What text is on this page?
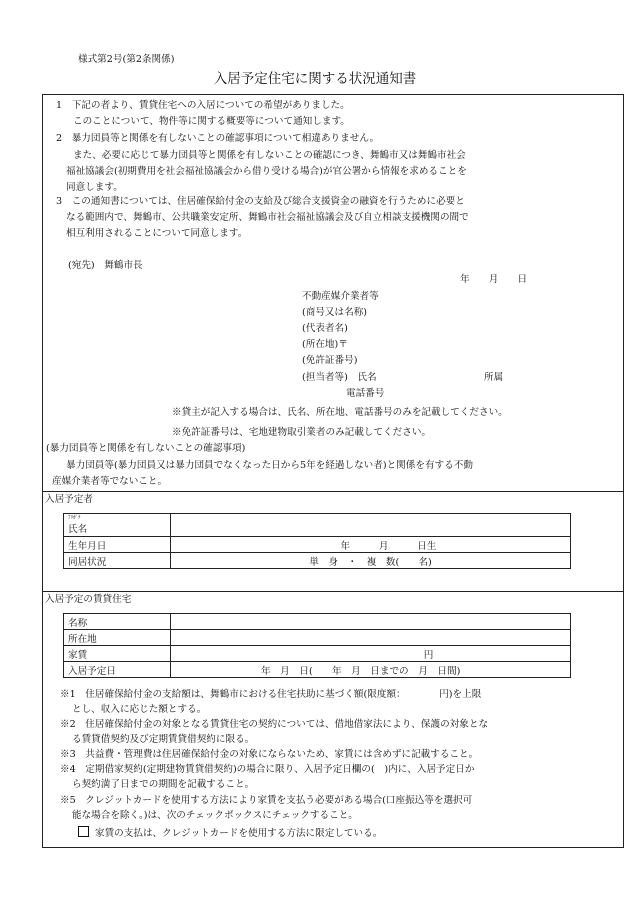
様式第2号(第2条関係)
入居予定住宅に関する状況通知書
1　下記の者より、賃貸住宅への入居についての希望がありました。
このことについて、物件等に関する概要等について通知します。
2　暴力団員等と関係を有しないことの確認事項について相違ありません。
また、必要に応じて暴力団員等と関係を有しないことの確認につき、舞鶴市又は舞鶴市社会
福祉協議会(初期費用を社会福祉協議会から借り受ける場合)が官公署から情報を求めることを
同意します。
3　この通知書については、住居確保給付金の支給及び総合支援資金の融資を行うために必要と
なる範囲内で、舞鶴市、公共職業安定所、舞鶴市社会福祉協議会及び自立相談支援機関の間で
相互利用されることについて同意します。
(宛先)　舞鶴市長
年　　月　　日
不動産媒介業者等
(商号又は名称)
(代表者名)
(所在地)〒
(免許証番号)
(担当者等)　氏名	所属
電話番号
※貸主が記入する場合は、氏名、所在地、電話番号のみを記載してください。
※免許証番号は、宅地建物取引業者のみ記載してください。
(暴力団員等と関係を有しないことの確認事項)
暴力団員等(暴力団員又は暴力団員でなくなった日から5年を経過しない者)と関係を有する不動
産媒介業者等でないこと。
入居予定者
ﾌﾘｶﾞﾅ
氏名	
生年月日	年　　　月　　　日生
同居状況	単　身　・　複　数(　　名)
入居予定の賃貸住宅
名称	
所在地	
家賃	円
入居予定日	年　月　日(　　年　月　日までの　月　日間)
※1　住居確保給付金の支給額は、舞鶴市における住宅扶助に基づく額(限度額：　　　　円)を上限
とし、収入に応じた額とする。
※2　住居確保給付金の対象となる賃貸住宅の契約については、借地借家法により、保護の対象とな
る賃貸借契約及び定期賃貸借契約に限る。
※3　共益費・管理費は住居確保給付金の対象にならないため、家賃には含めずに記載すること。
※4　定期借家契約(定期建物賃貸借契約)の場合に限り、入居予定日欄の(　)内に、入居予定日か
ら契約満了日までの期間を記載すること。
※5　クレジットカードを使用する方法により家賃を支払う必要がある場合(口座振込等を選択可
能な場合を除く。)は、次のチェックボックスにチェックすること。
家賃の支払は、クレジットカードを使用する方法に限定している。
